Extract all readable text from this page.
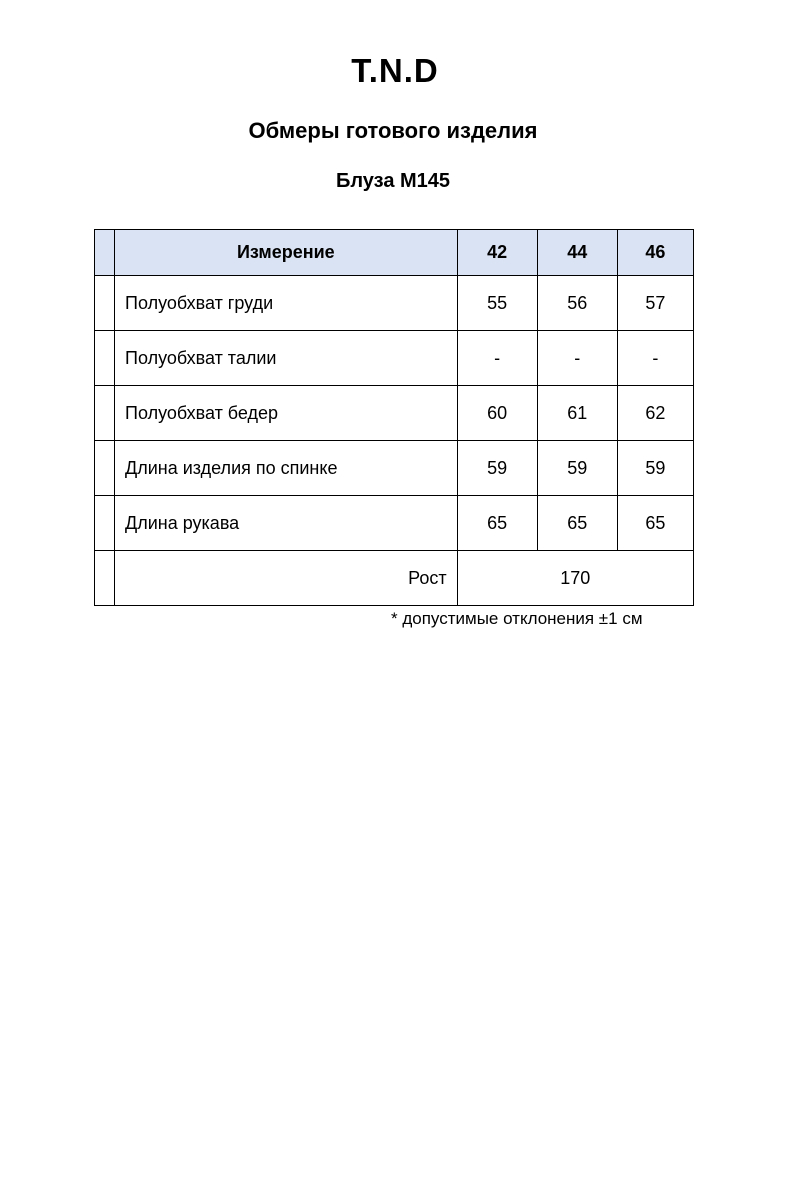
T.N.D
Обмеры готового изделия
Блуза М145
	Измерение	42	44	46
	Полуобхват груди	55	56	57
	Полуобхват талии	-	-	-
	Полуобхват бедер	60	61	62
	Длина изделия по спинке	59	59	59
	Длина рукава	65	65	65
	Рост	170		
* допустимые отклонения ±1 см
